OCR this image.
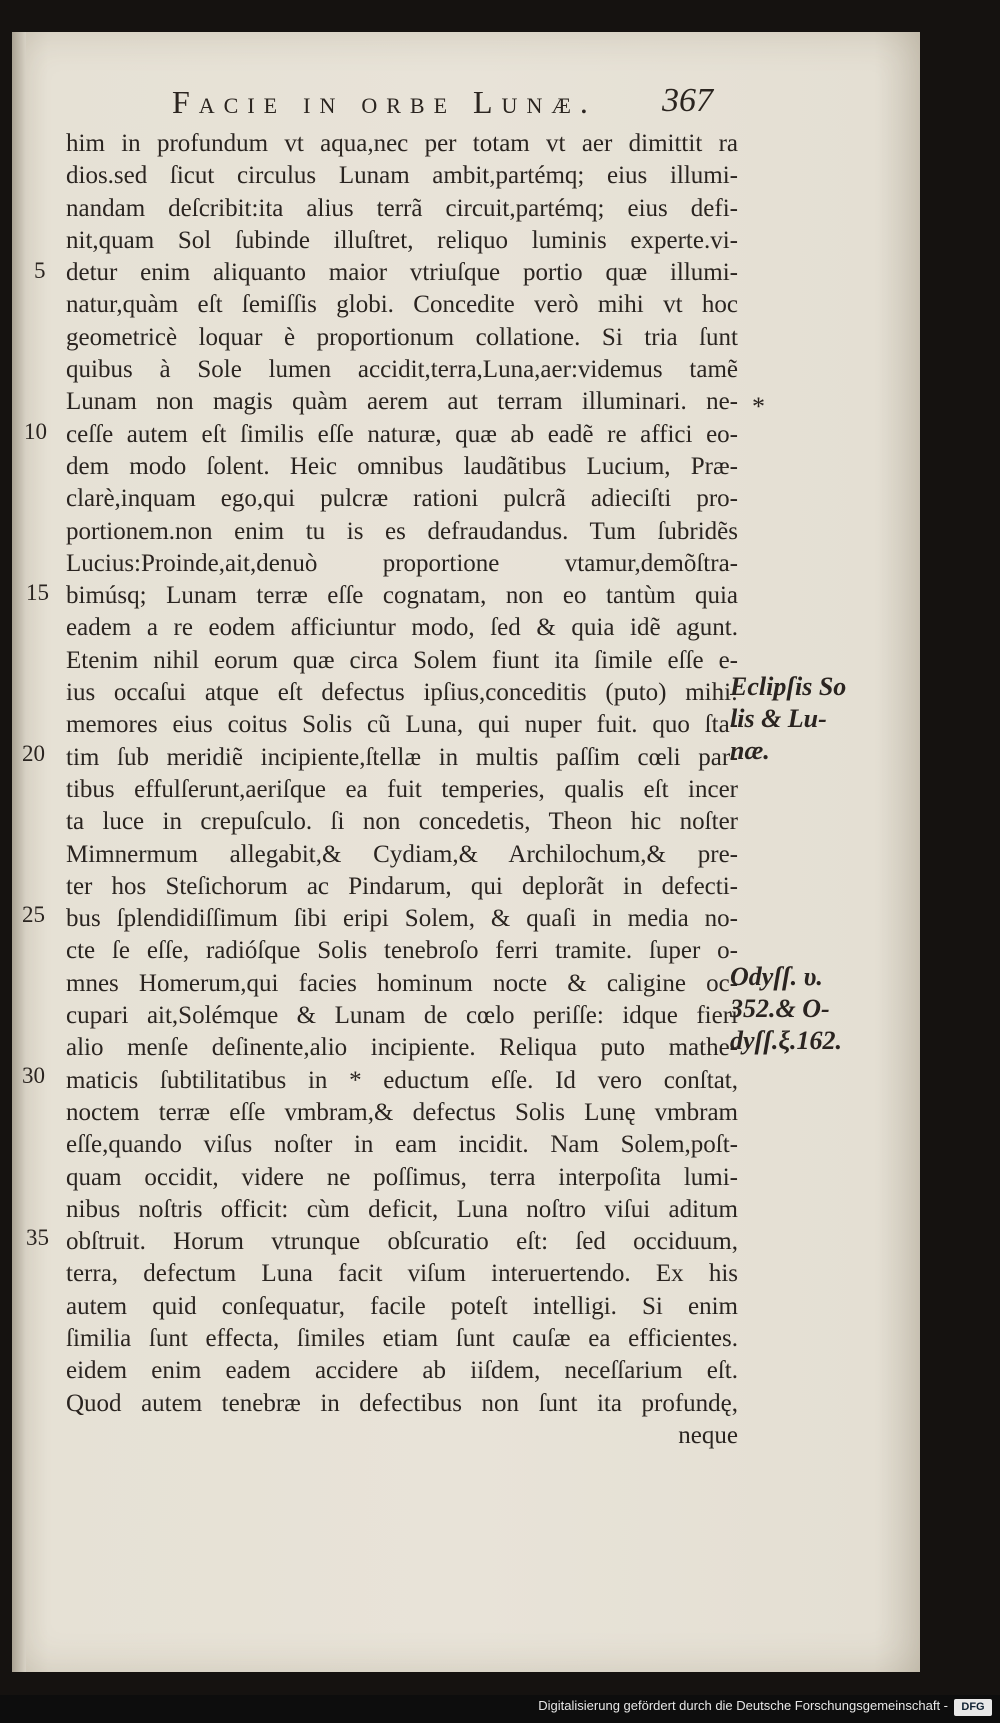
Facie in orbe Lunæ. 367
him in profundum vt aqua,nec per totam vt aer dimittit ra
dios.sed ſicut circulus Lunam ambit,partémq; eius illumi-
nandam deſcribit:ita alius terrã circuit,partémq; eius defi-
nit,quam Sol ſubinde illuſtret, reliquo luminis experte.vi-
detur enim aliquanto maior vtriuſque portio quæ illumi-
natur,quàm eſt ſemiſſis globi. Concedite verò mihi vt hoc
geometricè loquar è proportionum collatione. Si tria ſunt
quibus à Sole lumen accidit,terra,Luna,aer:videmus tamẽ
Lunam non magis quàm aerem aut terram illuminari. ne-
ceſſe autem eſt ſimilis eſſe naturæ, quæ ab eadẽ re affici eo-
dem modo ſolent. Heic omnibus laudãtibus Lucium, Præ-
clarè,inquam ego,qui pulcræ rationi pulcrã adieciſti pro-
portionem.non enim tu is es defraudandus. Tum ſubridẽs
Lucius:Proinde,ait,denuò proportione vtamur,demõſtra-
bimúsq; Lunam terræ eſſe cognatam, non eo tantùm quia
eadem a re eodem afficiuntur modo, ſed & quia idẽ agunt.
Etenim nihil eorum quæ circa Solem fiunt ita ſimile eſſe e-
ius occaſui atque eſt defectus ipſius,conceditis (puto) mihi:
memores eius coitus Solis cũ Luna, qui nuper fuit. quo ſta-
tim ſub meridiẽ incipiente,ſtellæ in multis paſſim cœli par-
tibus effulſerunt,aeriſque ea fuit temperies, qualis eſt incer
ta luce in crepuſculo. ſi non concedetis, Theon hic noſter
Mimnermum allegabit,& Cydiam,& Archilochum,& pre-
ter hos Steſichorum ac Pindarum, qui deplorãt in defecti-
bus ſplendidiſſimum ſibi eripi Solem, & quaſi in media no-
cte ſe eſſe, radióſque Solis tenebroſo ferri tramite. ſuper o-
mnes Homerum,qui facies hominum nocte & caligine oc-
cupari ait,Solémque & Lunam de cœlo periſſe: idque fieri
alio menſe deſinente,alio incipiente. Reliqua puto mathe-
maticis ſubtilitatibus in * eductum eſſe. Id vero conſtat,
noctem terræ eſſe vmbram,& defectus Solis Lunę vmbram
eſſe,quando viſus noſter in eam incidit. Nam Solem,poſt-
quam occidit, videre ne poſſimus, terra interpoſita lumi-
nibus noſtris officit: cùm deficit, Luna noſtro viſui aditum
obſtruit. Horum vtrunque obſcuratio eſt: ſed occiduum,
terra, defectum Luna facit viſum interuertendo. Ex his
autem quid conſequatur, facile poteſt intelligi. Si enim
ſimilia ſunt effecta, ſimiles etiam ſunt cauſæ ea efficientes.
eidem enim eadem accidere ab iiſdem, neceſſarium eſt.
Quod autem tenebræ in defectibus non ſunt ita profundę,
neque
5
10
15
20
25
30
35
*
Eclipſis So
lis & Lu-
næ.
Odyſſ. υ.
352.& O-
dyſſ.ξ.162.
Digitalisierung gefördert durch die Deutsche Forschungsgemeinschaft -	DFG
